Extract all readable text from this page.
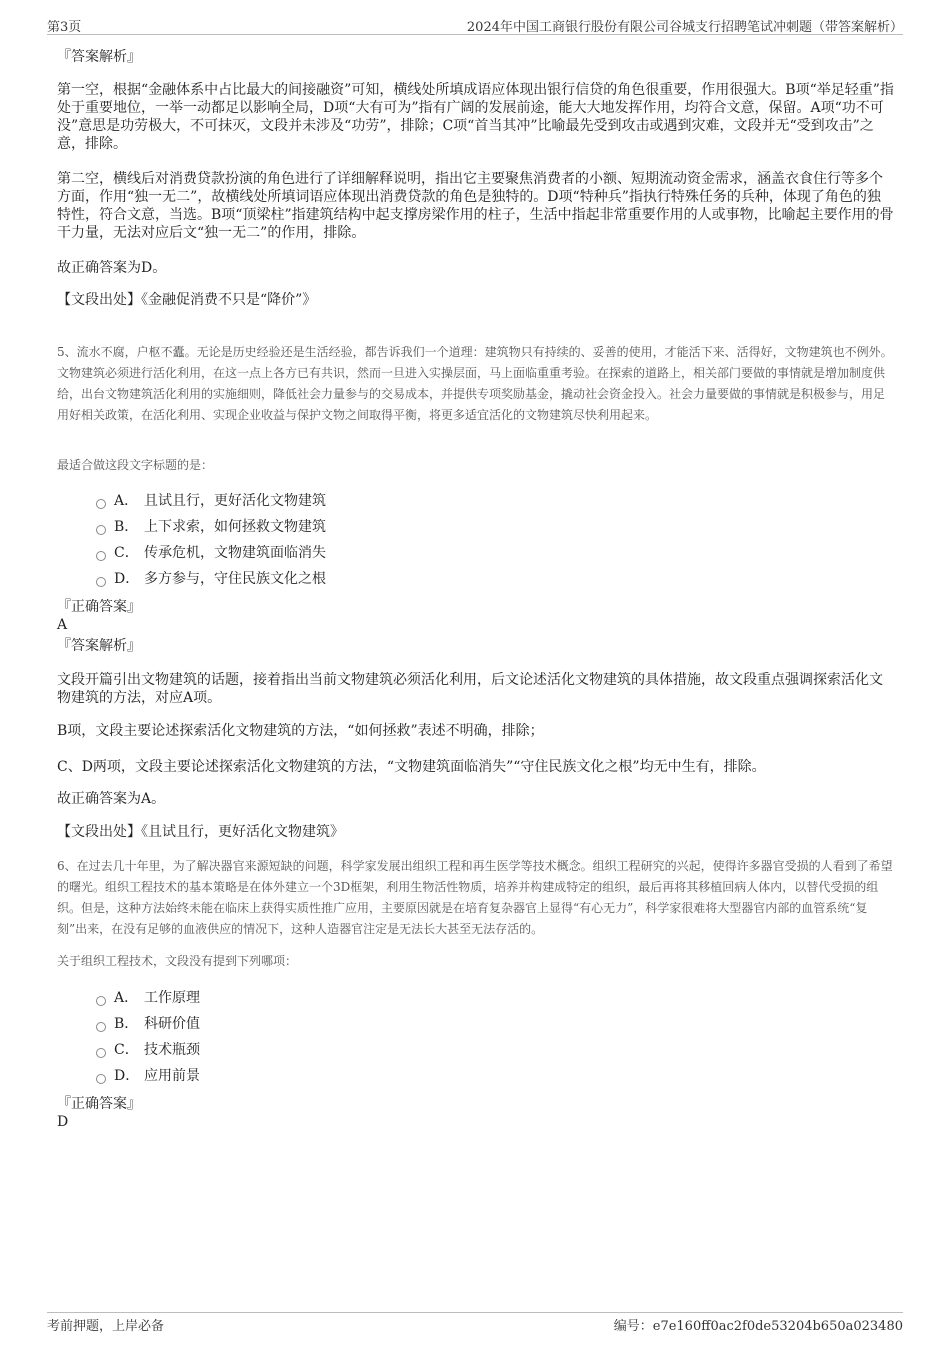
第3页	2024年中国工商银行股份有限公司谷城支行招聘笔试冲刺题（带答案解析）

『答案解析』

第一空，根据“金融体系中占比最大的间接融资”可知，横线处所填成语应体现出银行信贷的角色很重要，作用很强大。B项“举足轻重”指处于重要地位，一举一动都足以影响全局，D项“大有可为”指有广阔的发展前途，能大大地发挥作用，均符合文意，保留。A项“功不可没”意思是功劳极大，不可抹灭，文段并未涉及“功劳”，排除；C项“首当其冲”比喻最先受到攻击或遇到灾难，文段并无“受到攻击”之意，排除。

第二空，横线后对消费贷款扮演的角色进行了详细解释说明，指出它主要聚焦消费者的小额、短期流动资金需求，涵盖衣食住行等多个方面，作用“独一无二”，故横线处所填词语应体现出消费贷款的角色是独特的。D项“特种兵”指执行特殊任务的兵种，体现了角色的独特性，符合文意，当选。B项“顶梁柱”指建筑结构中起支撑房梁作用的柱子，生活中指起非常重要作用的人或事物，比喻起主要作用的骨干力量，无法对应后文“独一无二”的作用，排除。

故正确答案为D。

【文段出处】《金融促消费不只是“降价”》

5、流水不腐，户枢不蠹。无论是历史经验还是生活经验，都告诉我们一个道理：建筑物只有持续的、妥善的使用，才能活下来、活得好，文物建筑也不例外。文物建筑必须进行活化利用，在这一点上各方已有共识，然而一旦进入实操层面，马上面临重重考验。在探索的道路上，相关部门要做的事情就是增加制度供给，出台文物建筑活化利用的实施细则，降低社会力量参与的交易成本，并提供专项奖励基金，撬动社会资金投入。社会力量要做的事情就是积极参与，用足用好相关政策，在活化利用、实现企业收益与保护文物之间取得平衡，将更多适宜活化的文物建筑尽快利用起来。

最适合做这段文字标题的是：

A． 且试且行，更好活化文物建筑
B． 上下求索，如何拯救文物建筑
C． 传承危机，文物建筑面临消失
D． 多方参与，守住民族文化之根

『正确答案』

A

『答案解析』

文段开篇引出文物建筑的话题，接着指出当前文物建筑必须活化利用，后文论述活化文物建筑的具体措施，故文段重点强调探索活化文物建筑的方法，对应A项。

B项，文段主要论述探索活化文物建筑的方法，“如何拯救”表述不明确，排除；

C、D两项，文段主要论述探索活化文物建筑的方法，“文物建筑面临消失”“守住民族文化之根”均无中生有，排除。

故正确答案为A。

【文段出处】《且试且行，更好活化文物建筑》

6、在过去几十年里，为了解决器官来源短缺的问题，科学家发展出组织工程和再生医学等技术概念。组织工程研究的兴起，使得许多器官受损的人看到了希望的曙光。组织工程技术的基本策略是在体外建立一个3D框架，利用生物活性物质，培养并构建成特定的组织，最后再将其移植回病人体内，以替代受损的组织。但是，这种方法始终未能在临床上获得实质性推广应用，主要原因就是在培育复杂器官上显得“有心无力”，科学家很难将大型器官内部的血管系统“复刻”出来，在没有足够的血液供应的情况下，这种人造器官注定是无法长大甚至无法存活的。

关于组织工程技术，文段没有提到下列哪项：

A． 工作原理
B． 科研价值
C． 技术瓶颈
D． 应用前景

『正确答案』

D

考前押题，上岸必备	编号：e7e160ff0ac2f0de53204b650a023480
